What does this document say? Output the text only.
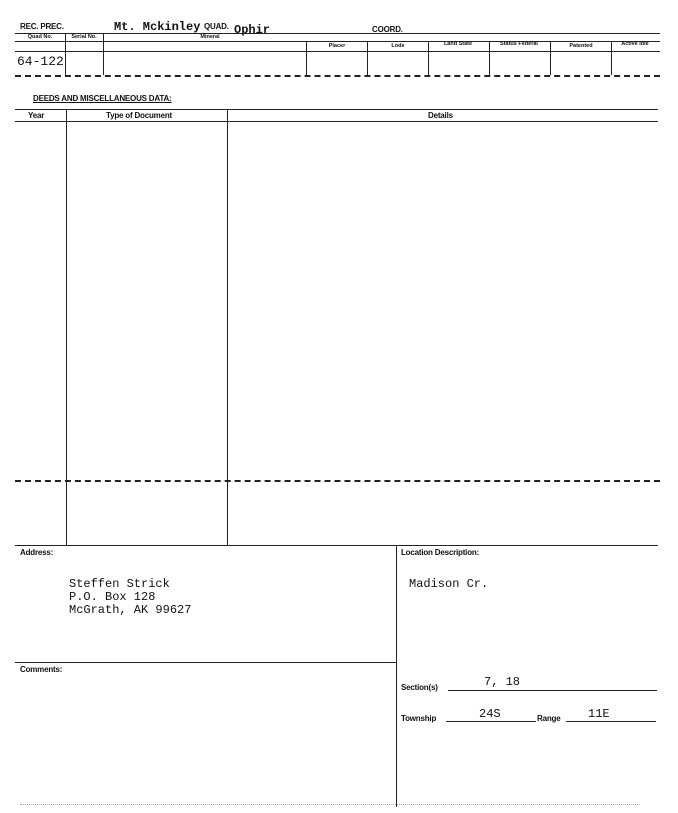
REC. PREC.	Mt. Mckinley QUAD. Ophir	COORD.
Quad No.	Serial No.	Mineral
Placer	Lode	Land State	Status Federal	Patented	Active Idle
64-122
DEEDS AND MISCELLANEOUS DATA:
Year	Type of Document	Details
Address:	Location Description:
Steffen Strick
P.O. Box 128
McGrath, AK 99627
Madison Cr.
Comments:
Section(s)	7, 18
Township	24S	Range 11E
